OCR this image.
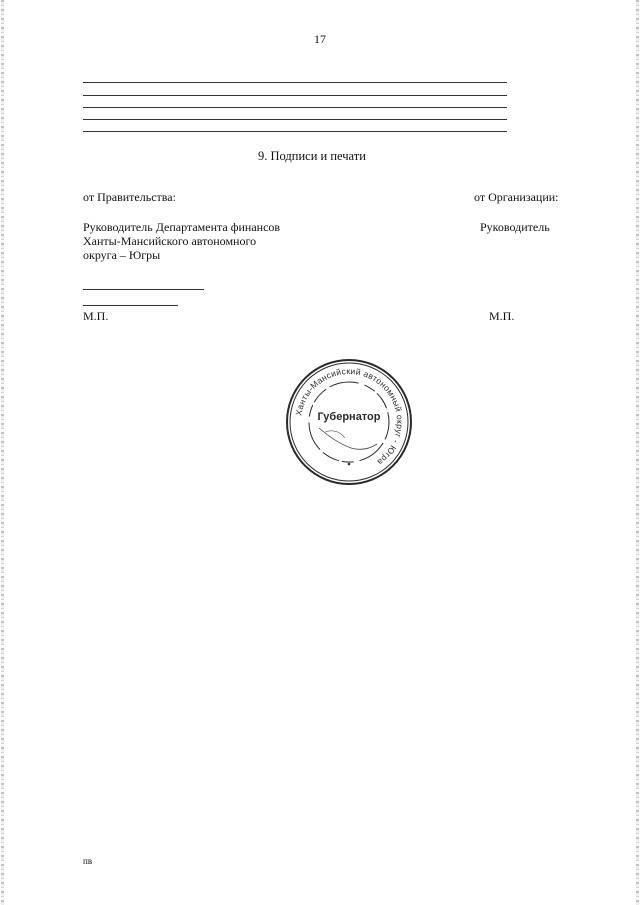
17
9. Подписи и печати
от Правительства:	от Организации:
Руководитель Департамента финансов
Ханты-Мансийского автономного
округа – Югры
Руководитель
М.П.	М.П.
Ханты-Мансийский автономный округ - Югра
Губернатор
пв
